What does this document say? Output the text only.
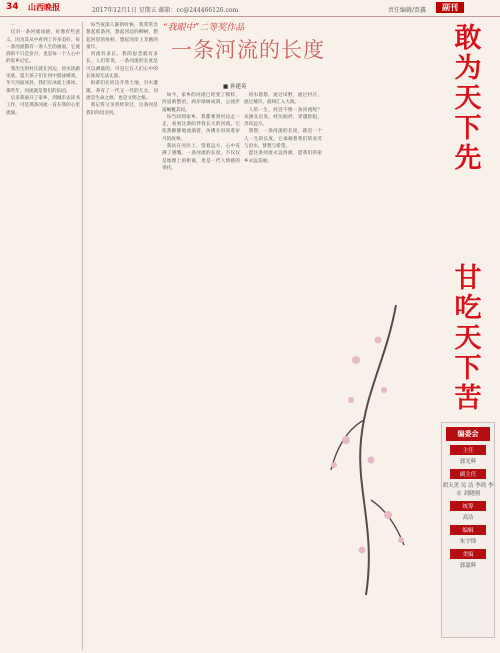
34 山西晚报	2017年12月1日 星期五 邮箱：cc@244466126.com	责任编辑/贾鑫	副刊

一

仅对一条河流而感，好像有些意义，因为其从中看到了许多美好。每一条河流都有一条人生的画面，它流淌的不只是岁月，也是每一个人心中的家乡记忆。

我出生的村庄就在河边，河水清澈见底，夏天孩子们在河中游泳嬉戏，冬天河面冰封，我们在冰面上滑冰。那些年，河流就是我们的乐园。

后来我离开了家乡，到城市去读书工作，可是那条河流一直在我的心里流淌。

每当夜深人静的时候，我常常会想起那条河，想起河边的柳树，想起河里的鱼虾，想起河岸上奔跑的童年。

河流有多长，我的思念就有多长。人们常说，一条河流的长度是可以测量的，可是它在人们心中的长度却无法丈量。

祖辈们在河边开垦土地，引水灌溉，养育了一代又一代的儿女。河流是生命之源，也是文明之根。

我记得父亲曾经说过，这条河是我们的母亲河。

“我眼中”二等奖作品
一条河流的长度
■ 孙建英

如今，家乡的河流已经变了模样，河道被整治，两岸绿树成荫，公园步道蜿蜒其间。

每当回到家乡，我都要到河边走一走，看看这条陪伴我长大的河流。它依然静静地流淌着，仿佛在诉说着岁月的故事。

我站在河岸上，望着远方，心中充满了感慨。一条河流的长度，不仅仅是地理上的距离，更是一代人情感的寄托。

河水悠悠，流过田野，流过村庄，流过城市，最终汇入大海。

人的一生，何尝不像一条河流呢？从源头出发，经历曲折，穿越险阻，奔向远方。

我想，一条河流的长度，就是一个人一生的长度。它承载着我们的欢笑与泪水，梦想与希望。

愿这条河流永远清澈，愿我们的家乡永远美丽。

敢为天下先
甘吃天下苦
编委会
主任
郭光辉
副主任
胡天美 吴 洁 李鸿 李永 刘晓刚
统筹
高洁
编辑
朱宇锋
美编
郭嘉辉
